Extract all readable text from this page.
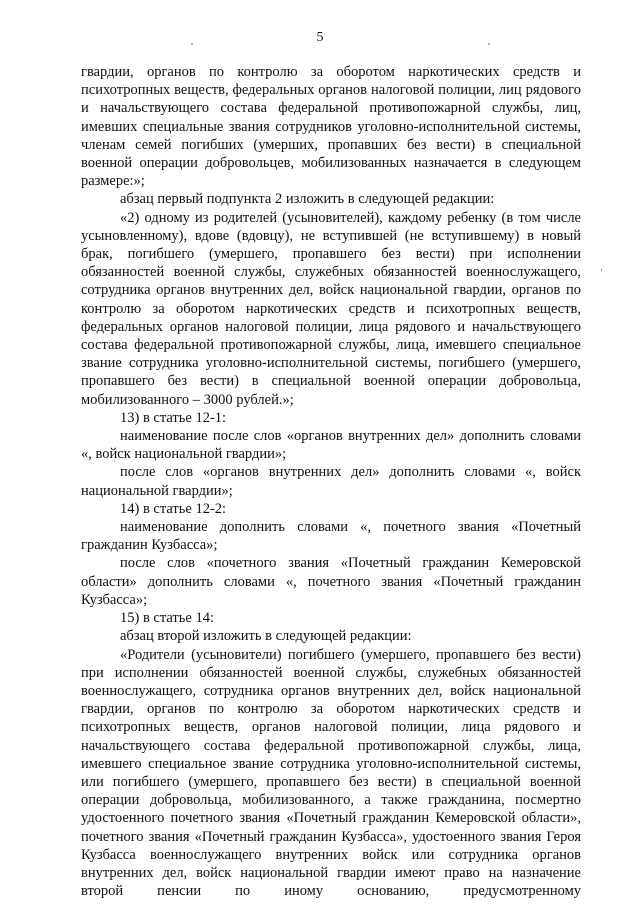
5

гвардии, органов по контролю за оборотом наркотических средств и психотропных веществ, федеральных органов налоговой полиции, лиц рядового и начальствующего состава федеральной противопожарной службы, лиц, имевших специальные звания сотрудников уголовно-исполнительной системы, членам семей погибших (умерших, пропавших без вести) в специальной военной операции добровольцев, мобилизованных назначается в следующем размере:»;

абзац первый подпункта 2 изложить в следующей редакции:

«2) одному из родителей (усыновителей), каждому ребенку (в том числе усыновленному), вдове (вдовцу), не вступившей (не вступившему) в новый брак, погибшего (умершего, пропавшего без вести) при исполнении обязанностей военной службы, служебных обязанностей военнослужащего, сотрудника органов внутренних дел, войск национальной гвардии, органов по контролю за оборотом наркотических средств и психотропных веществ, федеральных органов налоговой полиции, лица рядового и начальствующего состава федеральной противопожарной службы, лица, имевшего специальное звание сотрудника уголовно-исполнительной системы, погибшего (умершего, пропавшего без вести) в специальной военной операции добровольца, мобилизованного – 3000 рублей.»;

13) в статье 12-1:

наименование после слов «органов внутренних дел» дополнить словами «, войск национальной гвардии»;

после слов «органов внутренних дел» дополнить словами «, войск национальной гвардии»;

14) в статье 12-2:

наименование дополнить словами «, почетного звания «Почетный гражданин Кузбасса»;

после слов «почетного звания «Почетный гражданин Кемеровской области» дополнить словами «, почетного звания «Почетный гражданин Кузбасса»;

15) в статье 14:

абзац второй изложить в следующей редакции:

«Родители (усыновители) погибшего (умершего, пропавшего без вести) при исполнении обязанностей военной службы, служебных обязанностей военнослужащего, сотрудника органов внутренних дел, войск национальной гвардии, органов по контролю за оборотом наркотических средств и психотропных веществ, органов налоговой полиции, лица рядового и начальствующего состава федеральной противопожарной службы, лица, имевшего специальное звание сотрудника уголовно-исполнительной системы, или погибшего (умершего, пропавшего без вести) в специальной военной операции добровольца, мобилизованного, а также гражданина, посмертно удостоенного почетного звания «Почетный гражданин Кемеровской области», почетного звания «Почетный гражданин Кузбасса», удостоенного звания Героя Кузбасса военнослужащего внутренних войск или сотрудника органов внутренних дел, войск национальной гвардии имеют право на назначение второй пенсии по иному основанию, предусмотренному
